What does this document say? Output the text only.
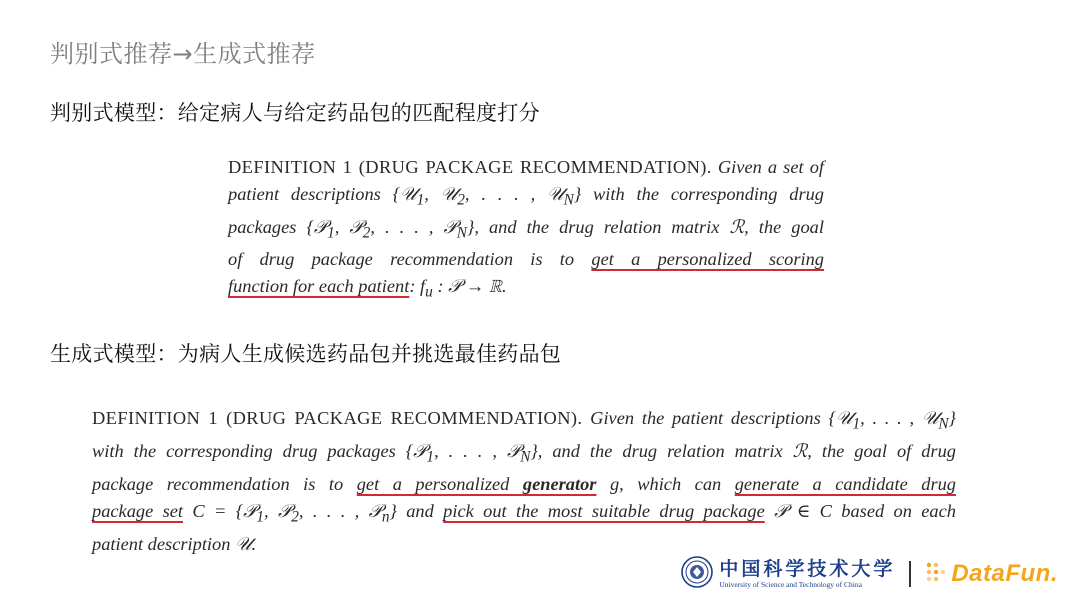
判别式推荐→生成式推荐
判别式模型：给定病人与给定药品包的匹配程度打分
DEFINITION 1 (DRUG PACKAGE RECOMMENDATION). Given a set of
patient descriptions {𝒰$_1$, 𝒰$_2$, . . . , 𝒰$_N$} with the corresponding drug
packages {𝒫$_1$, 𝒫$_2$, . . . , 𝒫$_N$}, and the drug relation matrix ℛ, the goal
of drug package recommendation is to get a personalized scoring
function for each patient: $f_u$ : 𝒫 → ℝ.
生成式模型：为病人生成候选药品包并挑选最佳药品包
DEFINITION 1 (DRUG PACKAGE RECOMMENDATION). Given the patient descriptions {𝒰$_1$, . . . , 𝒰$_N$}
with the corresponding drug packages {𝒫$_1$, . . . , 𝒫$_N$}, and the drug relation matrix ℛ, the goal of drug
package recommendation is to get a personalized generator g, which can generate a candidate drug
package set C = {𝒫$_1$, 𝒫$_2$, . . . , 𝒫$_n$} and pick out the most suitable drug package 𝒫 ∈ C based on each
patient description 𝒰.
中国科学技术大学
University of Science and Technology of China	DataFun.
